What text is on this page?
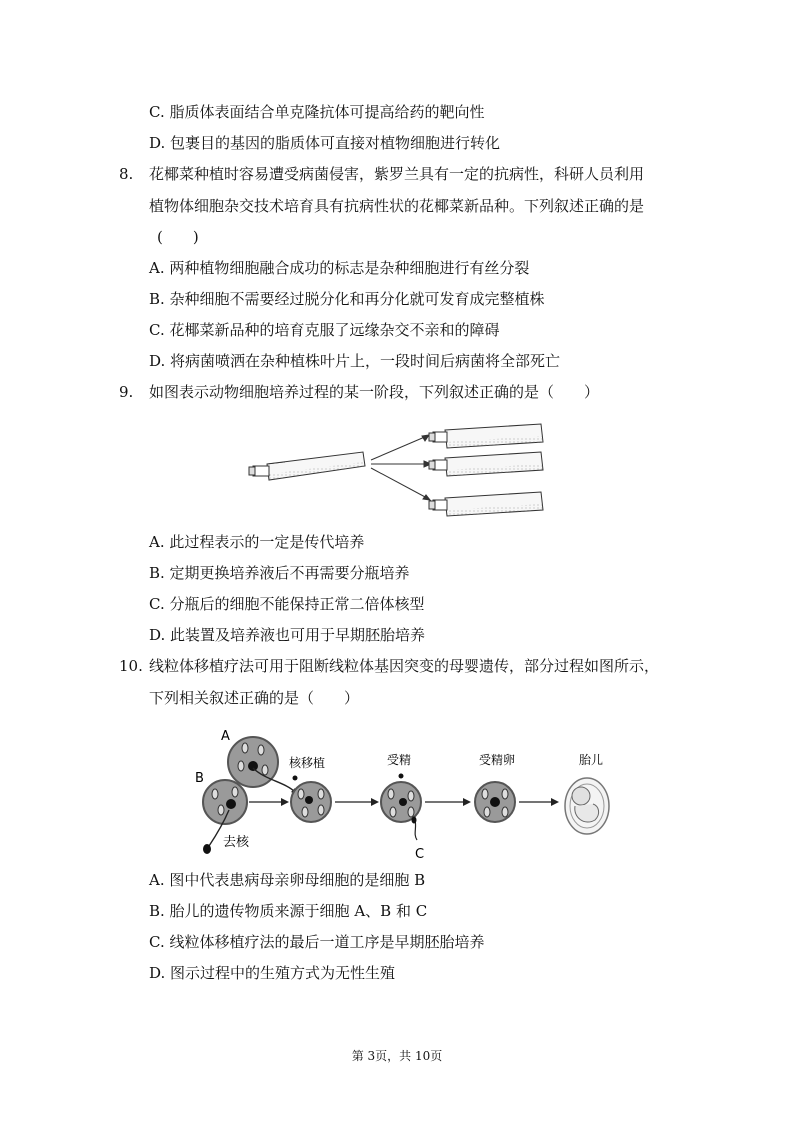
C. 脂质体表面结合单克隆抗体可提高给药的靶向性
D. 包裹目的基因的脂质体可直接对植物细胞进行转化
8. 花椰菜种植时容易遭受病菌侵害，紫罗兰具有一定的抗病性，科研人员利用
植物体细胞杂交技术培育具有抗病性状的花椰菜新品种。下列叙述正确的是
(　　)
A. 两种植物细胞融合成功的标志是杂种细胞进行有丝分裂
B. 杂种细胞不需要经过脱分化和再分化就可发育成完整植株
C. 花椰菜新品种的培育克服了远缘杂交不亲和的障碍
D. 将病菌喷洒在杂种植株叶片上，一段时间后病菌将全部死亡
9. 如图表示动物细胞培养过程的某一阶段，下列叙述正确的是（　　）
A. 此过程表示的一定是传代培养
B. 定期更换培养液后不再需要分瓶培养
C. 分瓶后的细胞不能保持正常二倍体核型
D. 此装置及培养液也可用于早期胚胎培养
10. 线粒体移植疗法可用于阻断线粒体基因突变的母婴遗传，部分过程如图所示，
下列相关叙述正确的是（　　）
A
B
去核
核移植	受精
C
受精卵	胎儿
A. 图中代表患病母亲卵母细胞的是细胞 B
B. 胎儿的遗传物质来源于细胞 A、B 和 C
C. 线粒体移植疗法的最后一道工序是早期胚胎培养
D. 图示过程中的生殖方式为无性生殖
第 3页，共 10页
